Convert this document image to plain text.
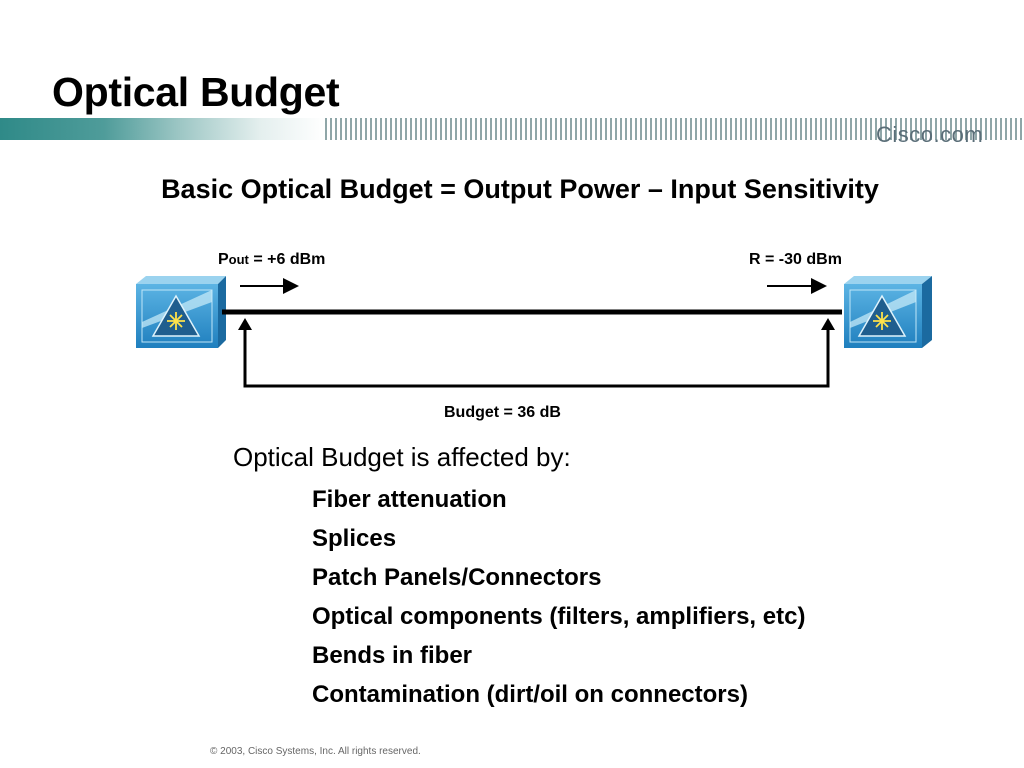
Optical Budget
Cisco.com
Basic Optical Budget = Output Power – Input Sensitivity
Pout = +6 dBm	R = -30 dBm
Budget = 36 dB
Optical Budget is affected by:
Fiber attenuation
Splices
Patch Panels/Connectors
Optical components (filters, amplifiers, etc)
Bends in fiber
Contamination (dirt/oil on connectors)
© 2003, Cisco Systems, Inc. All rights reserved.
